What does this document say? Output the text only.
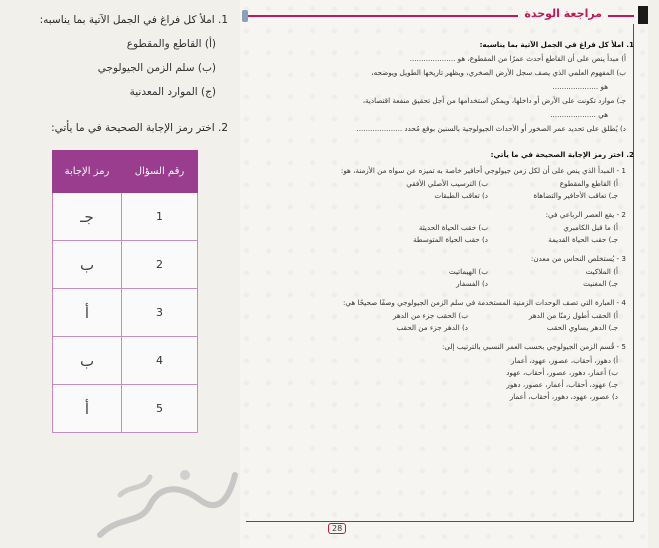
1. املأ كل فراغ في الجمل الآتية بما يناسبه:
(أ) القاطع والمقطوع
(ب) سلم الزمن الجيولوجي
(ج) الموارد المعدنية
2. اختر رمز الإجابة الصحيحة في ما يأتي:
رقم السؤال	رمز الإجابة
1	جـ
2	ب
3	أ
4	ب
5	أ
مراجعة الوحدة
1. املأ كل فراغ في الجمل الآتية بما يناسبه:
أ) مبدأ ينص على أن القاطع أحدث عمرًا من المقطوع، هو ....................
ب) المفهوم العلمي الذي يصف سجل الأرض الصخري، ويظهر تاريخها الطويل ويوضحه،
هو ....................
جـ) موارد تكونت على الأرض أو داخلها، ويمكن استخدامها من أجل تحقيق منفعة اقتصادية،
هي ....................
د) يُطلق على تحديد عمر الصخور أو الأحداث الجيولوجية بالسنين بوقع مُحدد ....................
2. اختر رمز الإجابة الصحيحة في ما يأتي:
1 - المبدأ الذي ينص على أن لكل زمن جيولوجي أحافير خاصة به تميزه عن سواه من الأزمنة، هو:
أ) القاطع والمقطوع
ب) الترسيب الأصلي الأفقي
جـ) تعاقب الأحافير والتضاهاة
د) تعاقب الطبقات
2 - يقع العصر الرباعي في:
أ) ما قبل الكامبري
ب) حقب الحياة الحديثة
جـ) حقب الحياة القديمة
د) حقب الحياة المتوسطة
3 - يُستخلص النحاس من معدن:
أ) الملاكيت
ب) الهيماتيت
جـ) المغنيت
د) الفسفار
4 - العبارة التي تصف الوحدات الزمنية المستخدمة في سلم الزمن الجيولوجي وصفًا صحيحًا هي:
أ) الحقب أطول زمنًا من الدهر
ب) الحقب جزء من الدهر
جـ) الدهر يساوي الحقب
د) الدهر جزء من الحقب
5 - قُسم الزمن الجيولوجي بحسب العمر النسبي بالترتيب إلى:
أ) دهور، أحقاب، عصور، عهود، أعمار
ب) أعمار، دهور، عصور، أحقاب، عهود
جـ) عهود، أحقاب، أعمار، عصور، دهور
د) عصور، عهود، دهور، أحقاب، أعمار
28
